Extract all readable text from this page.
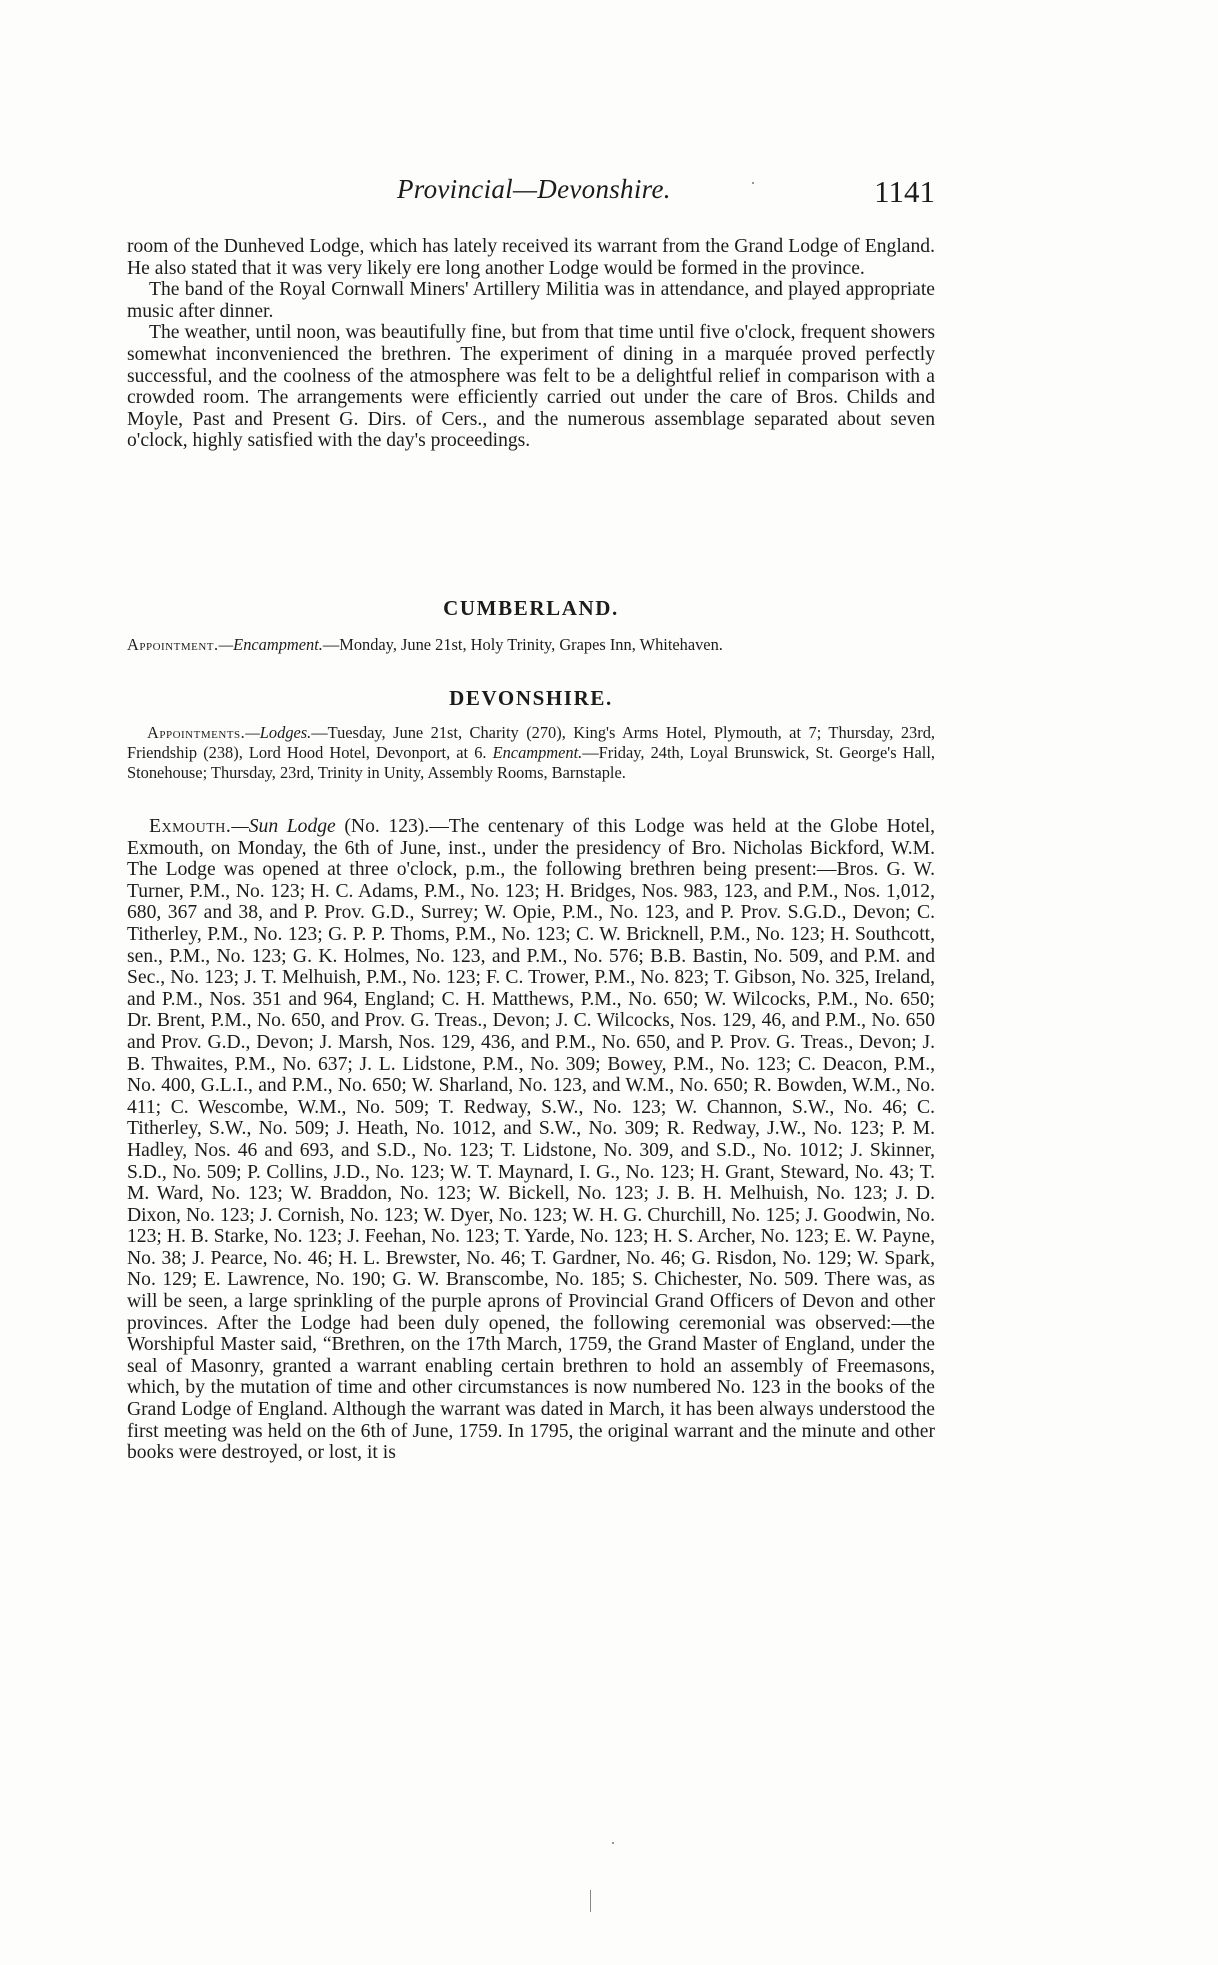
Provincial—Devonshire.	1141

room of the Dunheved Lodge, which has lately received its warrant from the Grand Lodge of England. He also stated that it was very likely ere long another Lodge would be formed in the province.

The band of the Royal Cornwall Miners' Artillery Militia was in attendance, and played appropriate music after dinner.

The weather, until noon, was beautifully fine, but from that time until five o'clock, frequent showers somewhat inconvenienced the brethren. The experiment of dining in a marquée proved perfectly successful, and the coolness of the atmosphere was felt to be a delightful relief in comparison with a crowded room. The arrangements were efficiently carried out under the care of Bros. Childs and Moyle, Past and Present G. Dirs. of Cers., and the numerous assemblage separated about seven o'clock, highly satisfied with the day's proceedings.

CUMBERLAND.

Appointment.—Encampment.—Monday, June 21st, Holy Trinity, Grapes Inn, Whitehaven.

DEVONSHIRE.

Appointments.—Lodges.—Tuesday, June 21st, Charity (270), King's Arms Hotel, Plymouth, at 7; Thursday, 23rd, Friendship (238), Lord Hood Hotel, Devonport, at 6. Encampment.—Friday, 24th, Loyal Brunswick, St. George's Hall, Stonehouse; Thursday, 23rd, Trinity in Unity, Assembly Rooms, Barnstaple.

Exmouth.—Sun Lodge (No. 123).—The centenary of this Lodge was held at the Globe Hotel, Exmouth, on Monday, the 6th of June, inst., under the presidency of Bro. Nicholas Bickford, W.M. The Lodge was opened at three o'clock, p.m., the following brethren being present:—Bros. G. W. Turner, P.M., No. 123; H. C. Adams, P.M., No. 123; H. Bridges, Nos. 983, 123, and P.M., Nos. 1,012, 680, 367 and 38, and P. Prov. G.D., Surrey; W. Opie, P.M., No. 123, and P. Prov. S.G.D., Devon; C. Titherley, P.M., No. 123; G. P. P. Thoms, P.M., No. 123; C. W. Bricknell, P.M., No. 123; H. Southcott, sen., P.M., No. 123; G. K. Holmes, No. 123, and P.M., No. 576; B.B. Bastin, No. 509, and P.M. and Sec., No. 123; J. T. Melhuish, P.M., No. 123; F. C. Trower, P.M., No. 823; T. Gibson, No. 325, Ireland, and P.M., Nos. 351 and 964, England; C. H. Matthews, P.M., No. 650; W. Wilcocks, P.M., No. 650; Dr. Brent, P.M., No. 650, and Prov. G. Treas., Devon; J. C. Wilcocks, Nos. 129, 46, and P.M., No. 650 and Prov. G.D., Devon; J. Marsh, Nos. 129, 436, and P.M., No. 650, and P. Prov. G. Treas., Devon; J. B. Thwaites, P.M., No. 637; J. L. Lidstone, P.M., No. 309; Bowey, P.M., No. 123; C. Deacon, P.M., No. 400, G.L.I., and P.M., No. 650; W. Sharland, No. 123, and W.M., No. 650; R. Bowden, W.M., No. 411; C. Wescombe, W.M., No. 509; T. Redway, S.W., No. 123; W. Channon, S.W., No. 46; C. Titherley, S.W., No. 509; J. Heath, No. 1012, and S.W., No. 309; R. Redway, J.W., No. 123; P. M. Hadley, Nos. 46 and 693, and S.D., No. 123; T. Lidstone, No. 309, and S.D., No. 1012; J. Skinner, S.D., No. 509; P. Collins, J.D., No. 123; W. T. Maynard, I. G., No. 123; H. Grant, Steward, No. 43; T. M. Ward, No. 123; W. Braddon, No. 123; W. Bickell, No. 123; J. B. H. Melhuish, No. 123; J. D. Dixon, No. 123; J. Cornish, No. 123; W. Dyer, No. 123; W. H. G. Churchill, No. 125; J. Goodwin, No. 123; H. B. Starke, No. 123; J. Feehan, No. 123; T. Yarde, No. 123; H. S. Archer, No. 123; E. W. Payne, No. 38; J. Pearce, No. 46; H. L. Brewster, No. 46; T. Gardner, No. 46; G. Risdon, No. 129; W. Spark, No. 129; E. Lawrence, No. 190; G. W. Branscombe, No. 185; S. Chichester, No. 509. There was, as will be seen, a large sprinkling of the purple aprons of Provincial Grand Officers of Devon and other provinces. After the Lodge had been duly opened, the following ceremonial was observed:—the Worshipful Master said, “Brethren, on the 17th March, 1759, the Grand Master of England, under the seal of Masonry, granted a warrant enabling certain brethren to hold an assembly of Freemasons, which, by the mutation of time and other circumstances is now numbered No. 123 in the books of the Grand Lodge of England. Although the warrant was dated in March, it has been always understood the first meeting was held on the 6th of June, 1759. In 1795, the original warrant and the minute and other books were destroyed, or lost, it is
